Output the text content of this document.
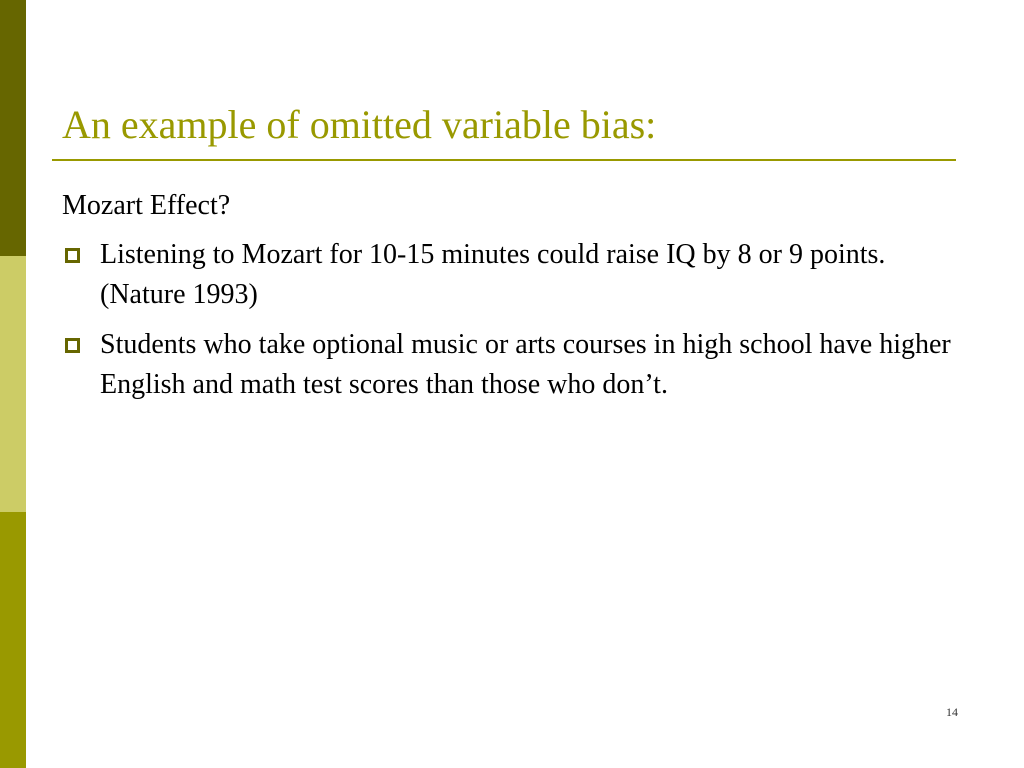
An example of omitted variable bias:

Mozart Effect?

Listening to Mozart for 10-15 minutes could raise IQ by 8 or 9 points. (Nature 1993)
Students who take optional music or arts courses in high school have higher English and math test scores than those who don’t.
14
